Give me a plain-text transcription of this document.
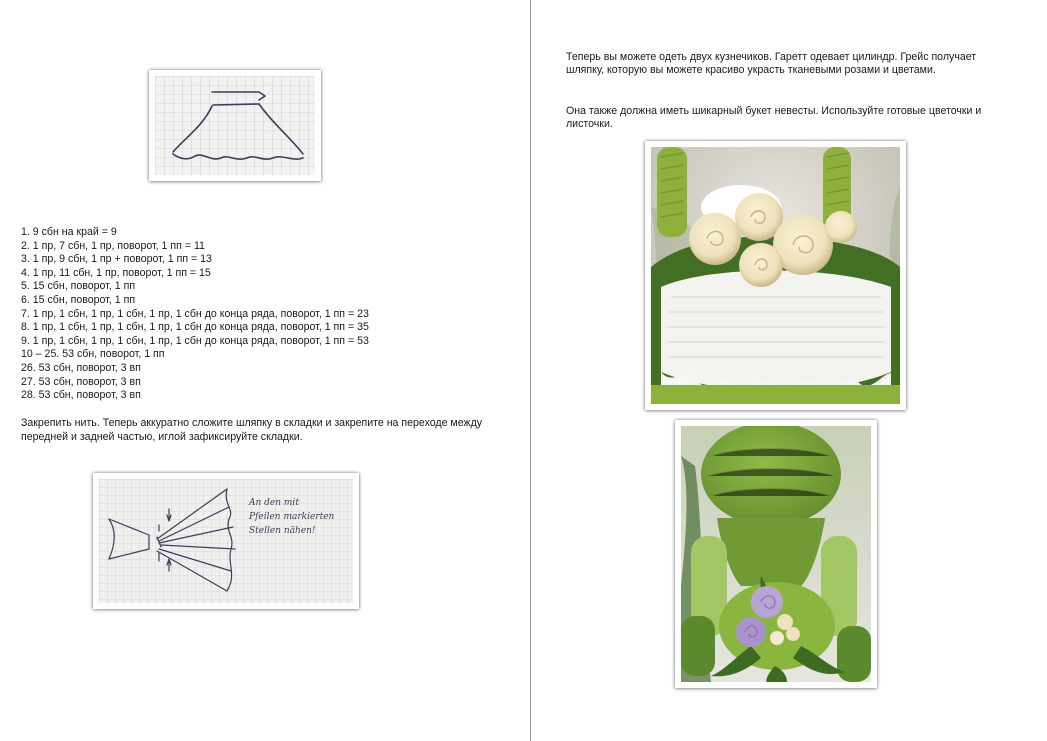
1. 9 сбн на край = 9
2. 1 пр, 7 сбн, 1 пр, поворот, 1 пп = 11
3. 1 пр, 9 сбн, 1 пр + поворот, 1 пп = 13
4. 1 пр, 11 сбн, 1 пр, поворот, 1 пп = 15
5. 15 сбн, поворот, 1 пп
6. 15 сбн, поворот, 1 пп
7. 1 пр, 1 сбн, 1 пр, 1 сбн, 1 пр, 1 сбн до конца ряда, поворот, 1 пп = 23
8. 1 пр, 1 сбн, 1 пр, 1 сбн, 1 пр, 1 сбн до конца ряда, поворот, 1 пп = 35
9. 1 пр, 1 сбн, 1 пр, 1 сбн, 1 пр, 1 сбн до конца ряда, поворот, 1 пп = 53
10 – 25. 53 сбн, поворот, 1 пп
26. 53 сбн, поворот, 3 вп
27. 53 сбн, поворот, 3 вп
28. 53 сбн, поворот, 3 вп
Закрепить нить. Теперь аккуратно сложите шляпку в складки и закрепите на переходе между передней и задней частью, иглой зафиксируйте складки.
An den mit
Pfeilen markierten
Stellen nähen!
Теперь вы можете одеть двух кузнечиков. Гаретт одевает цилиндр. Грейс получает шляпку, которую вы можете красиво украсть тканевыми розами и цветами.
Она также должна иметь шикарный букет невесты. Используйте готовые цветочки и листочки.
